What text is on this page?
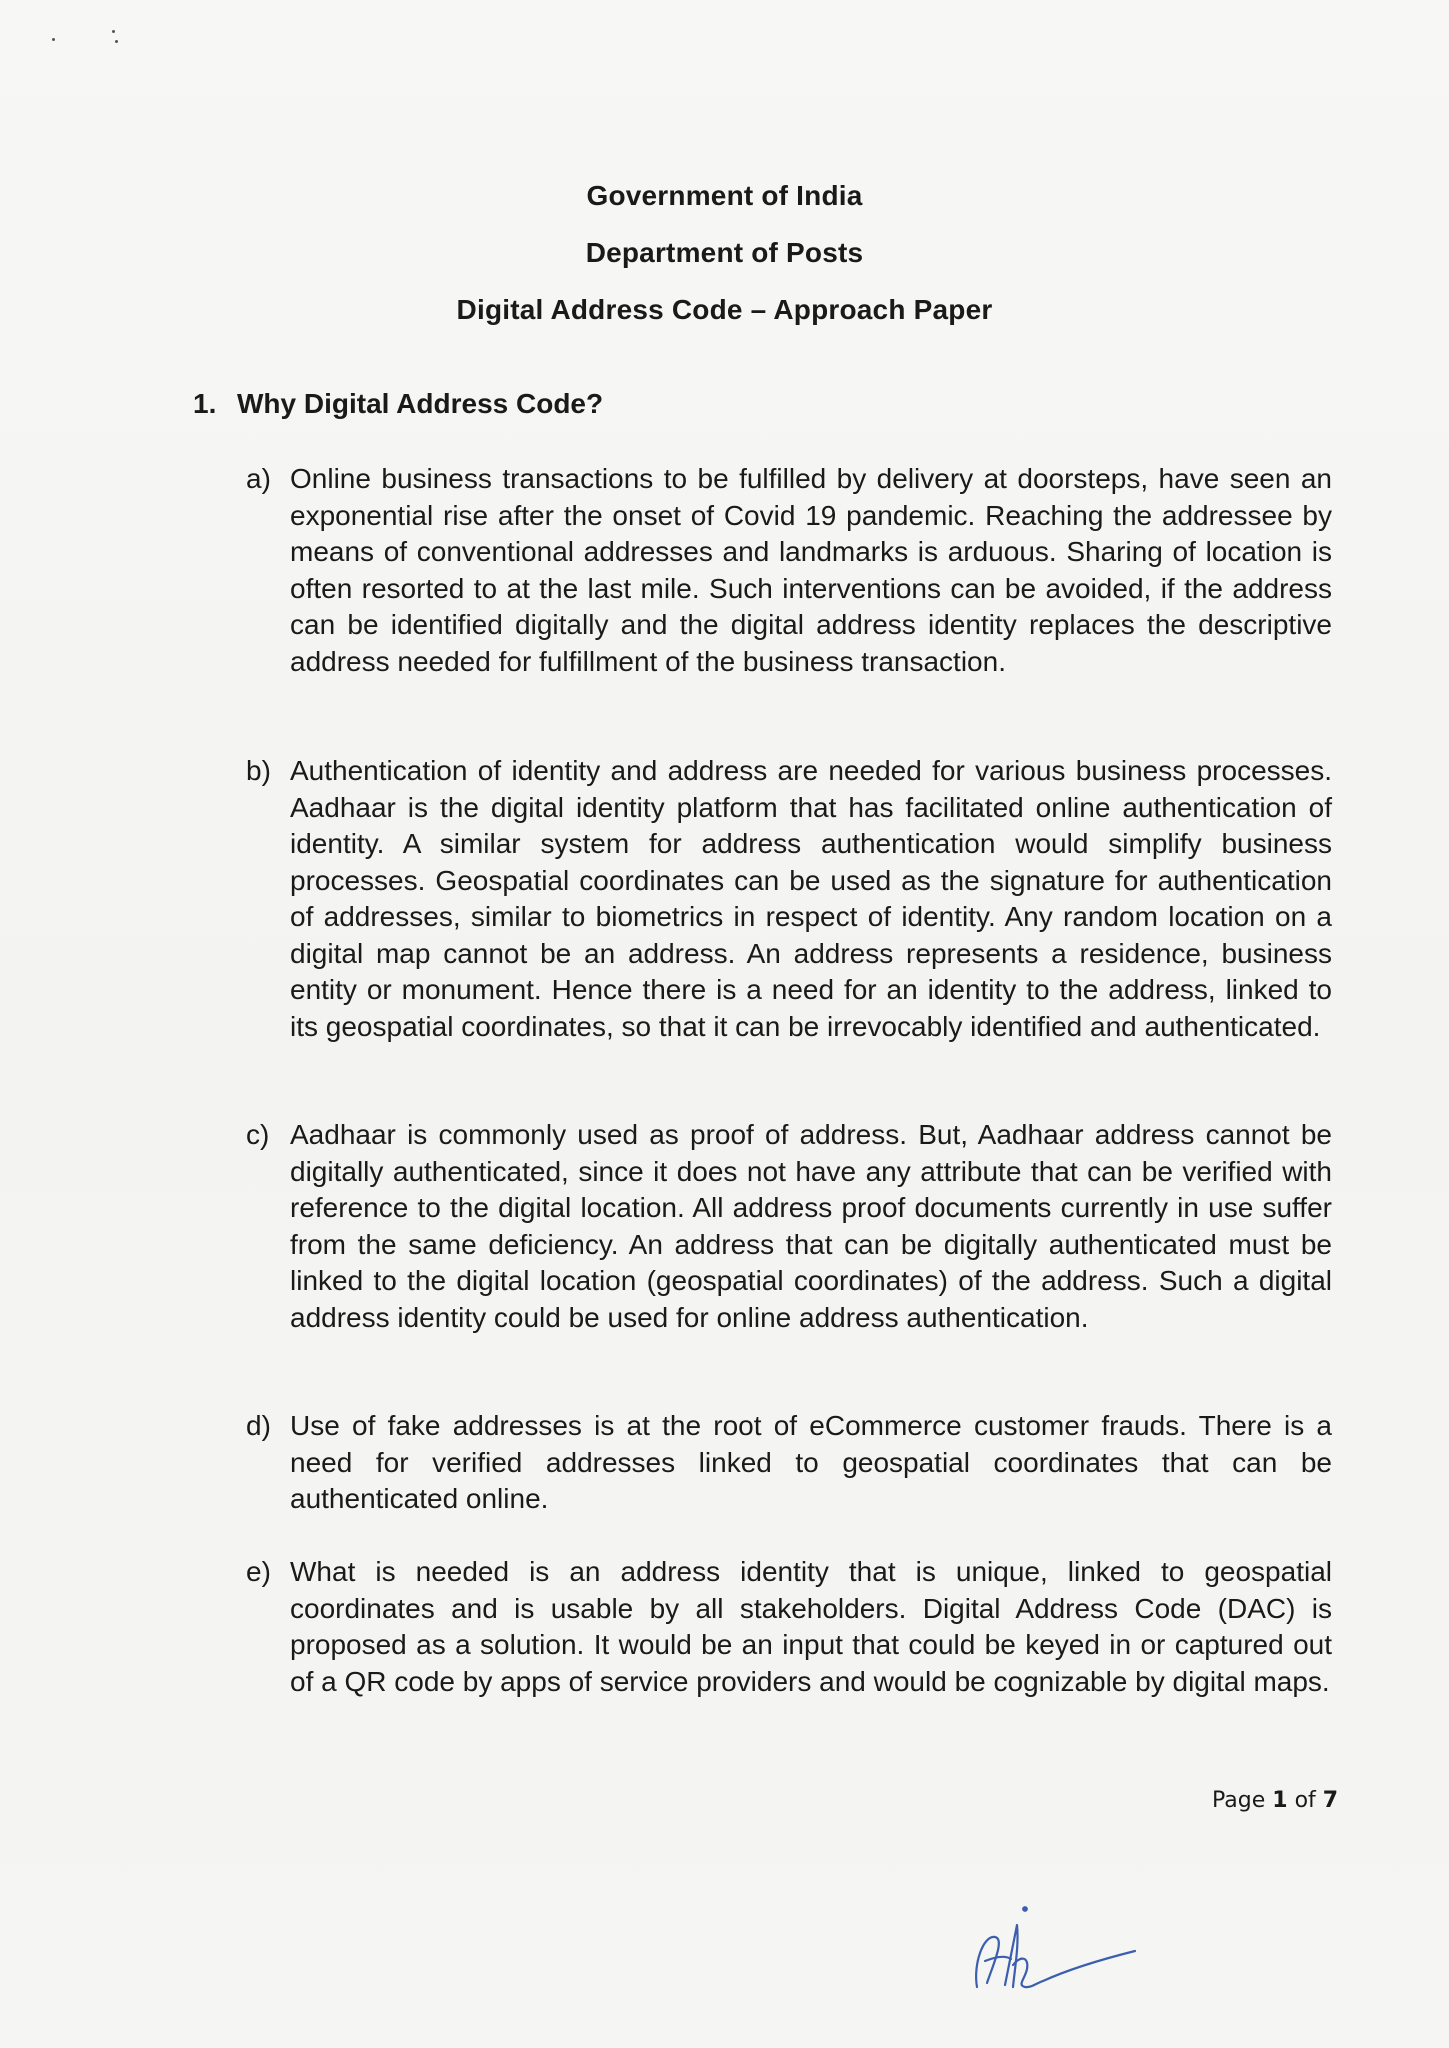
Government of India
Department of Posts
Digital Address Code – Approach Paper
1. Why Digital Address Code?
a) Online business transactions to be fulfilled by delivery at doorsteps, have seen an exponential rise after the onset of Covid 19 pandemic. Reaching the addressee by means of conventional addresses and landmarks is arduous. Sharing of location is often resorted to at the last mile. Such interventions can be avoided, if the address can be identified digitally and the digital address identity replaces the descriptive address needed for fulfillment of the business transaction.
b) Authentication of identity and address are needed for various business processes. Aadhaar is the digital identity platform that has facilitated online authentication of identity. A similar system for address authentication would simplify business processes. Geospatial coordinates can be used as the signature for authentication of addresses, similar to biometrics in respect of identity. Any random location on a digital map cannot be an address. An address represents a residence, business entity or monument. Hence there is a need for an identity to the address, linked to its geospatial coordinates, so that it can be irrevocably identified and authenticated.
c) Aadhaar is commonly used as proof of address. But, Aadhaar address cannot be digitally authenticated, since it does not have any attribute that can be verified with reference to the digital location. All address proof documents currently in use suffer from the same deficiency. An address that can be digitally authenticated must be linked to the digital location (geospatial coordinates) of the address. Such a digital address identity could be used for online address authentication.
d) Use of fake addresses is at the root of eCommerce customer frauds. There is a need for verified addresses linked to geospatial coordinates that can be authenticated online.
e) What is needed is an address identity that is unique, linked to geospatial coordinates and is usable by all stakeholders. Digital Address Code (DAC) is proposed as a solution. It would be an input that could be keyed in or captured out of a QR code by apps of service providers and would be cognizable by digital maps.
Page 1 of 7
